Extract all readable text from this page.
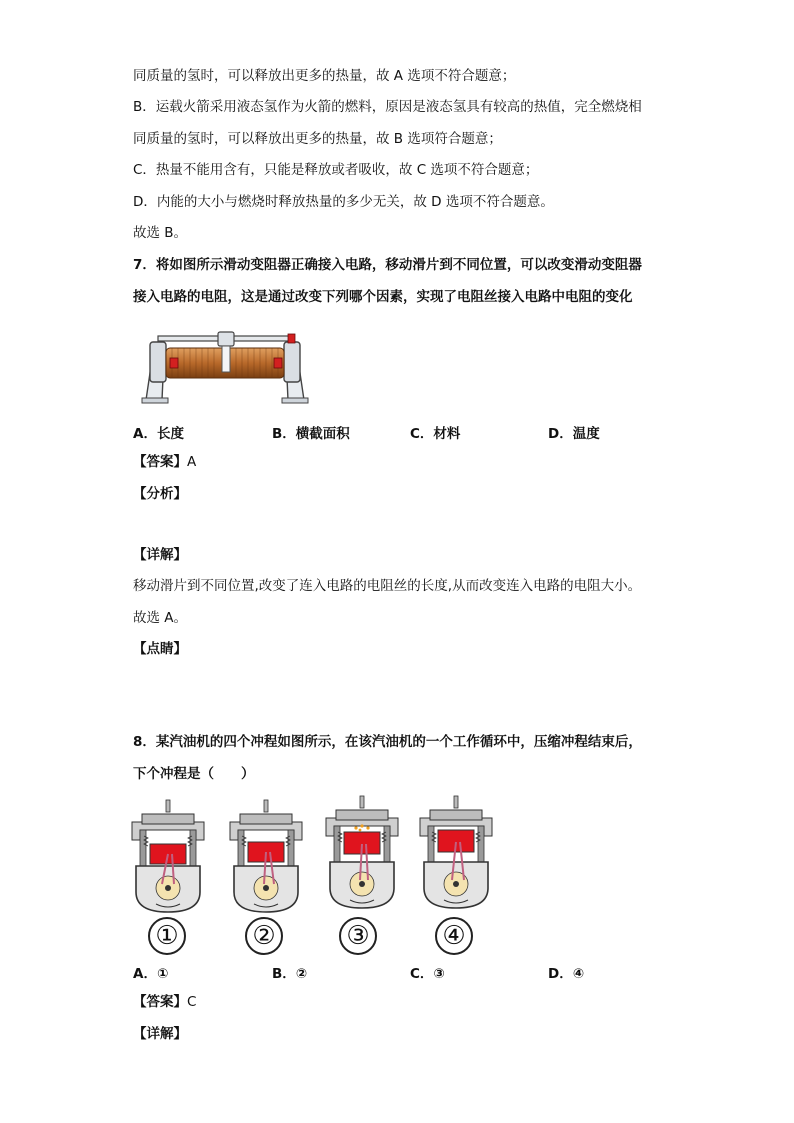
同质量的氢时，可以释放出更多的热量，故 A 选项不符合题意；
B．运载火箭采用液态氢作为火箭的燃料，原因是液态氢具有较高的热值，完全燃烧相
同质量的氢时，可以释放出更多的热量，故 B 选项符合题意；
C．热量不能用含有，只能是释放或者吸收，故 C 选项不符合题意；
D．内能的大小与燃烧时释放热量的多少无关，故 D 选项不符合题意。
故选 B。
7．将如图所示滑动变阻器正确接入电路，移动滑片到不同位置，可以改变滑动变阻器
接入电路的电阻，这是通过改变下列哪个因素，实现了电阻丝接入电路中电阻的变化
A．长度	B．横截面积	C．材料	D．温度
【答案】A
【分析】
【详解】
移动滑片到不同位置,改变了连入电路的电阻丝的长度,从而改变连入电路的电阻大小。
故选 A。
【点睛】
8．某汽油机的四个冲程如图所示，在该汽油机的一个工作循环中，压缩冲程结束后，
下个冲程是（　　）
①	②	③	④
A．①	B．②	C．③	D．④
【答案】C
【详解】
